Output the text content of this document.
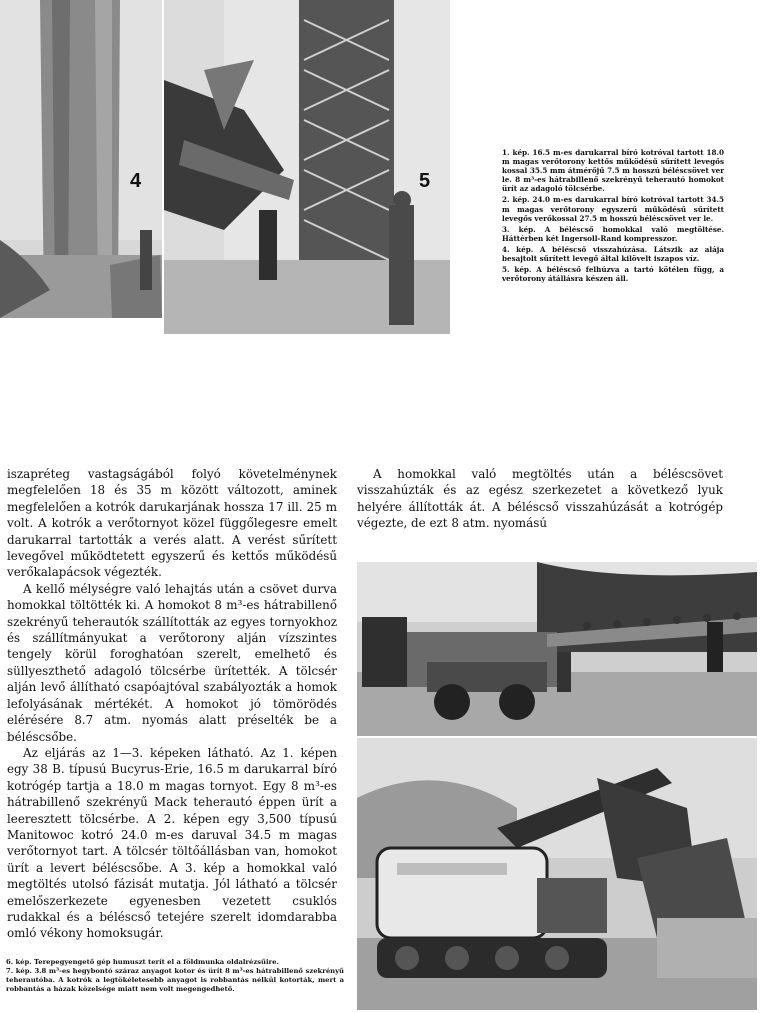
4	5

1. kép. 16.5 m-es darukarral bíró kotróval tartott 18.0 m magas verőtorony kettős működésű sűrített levegős kossal 35.5 mm átmérőjű 7.5 m hosszú béléscsövet ver le. 8 m³-es hátrabillenő szekrényű teherautó homokot ürít az adagoló tölcsérbe.

2. kép. 24.0 m-es darukarral bíró kotróval tartott 34.5 m magas verőtorony egyszerű működésű sűrített levegős verőkossal 27.5 m hosszú béléscsövet ver le.

3. kép. A béléscső homokkal való megtöltése. Háttérben két Ingersoll-Rand kompresszor.

4. kép. A béléscső visszahúzása. Látszik az alája besajtolt sűrített levegő által kilövelt iszapos víz.

5. kép. A béléscső felhúzva a tartó kötélen függ, a verőtorony átállásra készen áll.

iszapréteg vastagságából folyó követelménynek megfelelően 18 és 35 m között változott, aminek megfelelően a kotrók darukarjának hossza 17 ill. 25 m volt. A kotrók a verőtornyot közel függőlegesre emelt darukarral tartották a verés alatt. A verést sűrített levegővel működtetett egyszerű és kettős működésű verőkalapácsok végezték.

A kellő mélységre való lehajtás után a csövet durva homokkal töltötték ki. A homokot 8 m³-es hátrabillenő szekrényű teherautók szállították az egyes tornyokhoz és szállítmányukat a verőtorony alján vízszintes tengely körül foroghatóan szerelt, emelhető és süllyeszthető adagoló tölcsérbe ürítették. A tölcsér alján levő állítható csapóajtóval szabályozták a homok lefolyásának mértékét. A homokot jó tömörödés elérésére 8.7 atm. nyomás alatt préselték be a béléscsőbe.

Az eljárás az 1—3. képeken látható. Az 1. képen egy 38 B. típusú Bucyrus-Erie, 16.5 m darukarral bíró kotrógép tartja a 18.0 m magas tornyot. Egy 8 m³-es hátrabillenő szekrényű Mack teherautó éppen ürít a leeresztett tölcsérbe. A 2. képen egy 3,500 típusú Manitowoc kotró 24.0 m-es daruval 34.5 m magas verőtornyot tart. A tölcsér töltőállásban van, homokot ürít a levert béléscsőbe. A 3. kép a homokkal való megtöltés utolsó fázisát mutatja. Jól látható a tölcsér emelőszerkezete egyenesben vezetett csuklós rudakkal és a béléscső tetejére szerelt idomdarabba omló vékony homoksugár.

A homokkal való megtöltés után a béléscsövet visszahúzták és az egész szerkezetet a következő lyuk helyére állították át. A béléscső visszahúzását a kotrógép végezte, de ezt 8 atm. nyomású

6. kép. Terepegyengető gép humuszt terít el a földmunka oldalrézsűire.

7. kép. 3.8 m³-es hegybontó száraz anyagot kotor és ürít 8 m³-es hátrabillenő szekrényű teherautóba. A kotrók a legtökéletesebb anyagot is robbantás nélkül kotorták, mert a robbantás a házak közelsége miatt nem volt megengedhető.
